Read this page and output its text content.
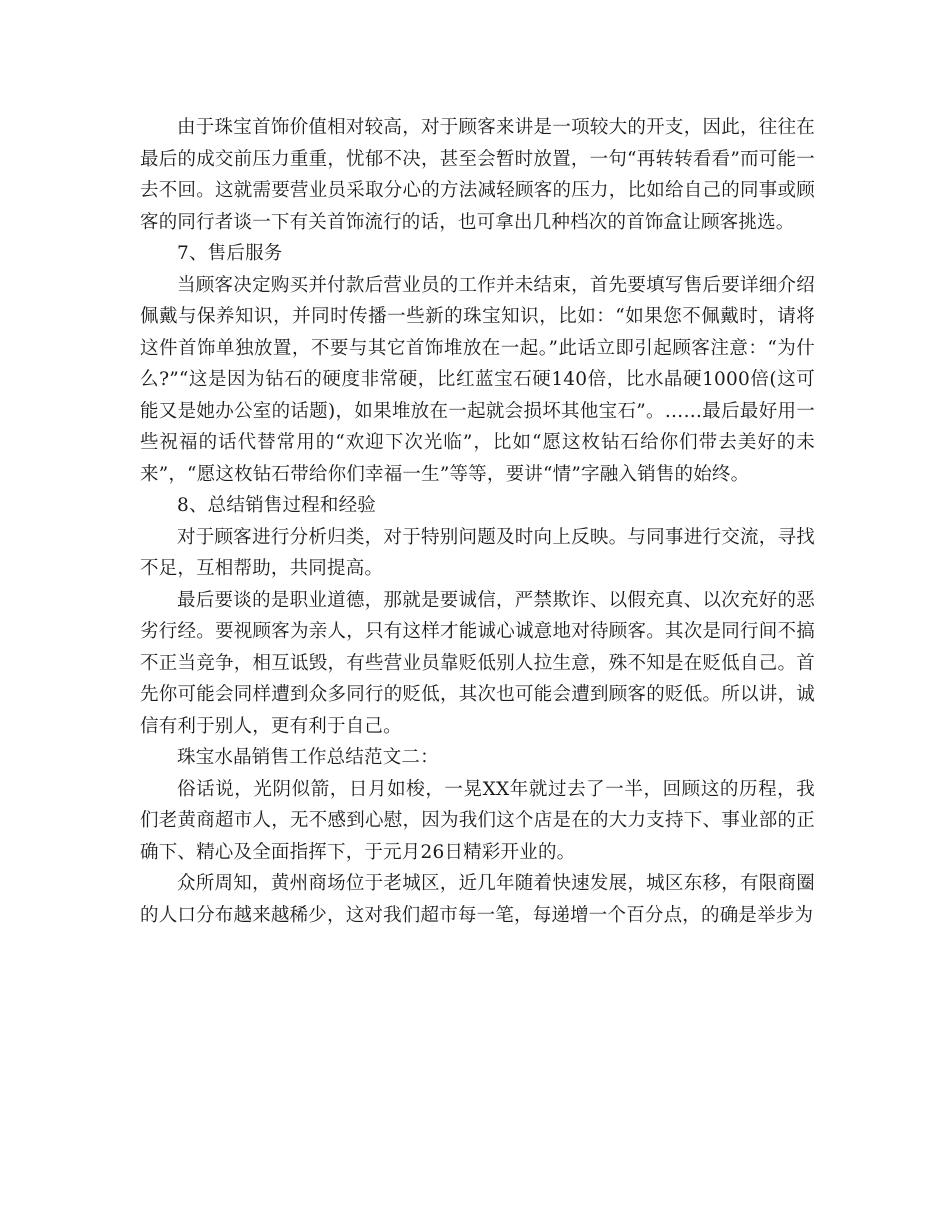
由于珠宝首饰价值相对较高，对于顾客来讲是一项较大的开支，因此，往往在最后的成交前压力重重，忧郁不决，甚至会暂时放置，一句“再转转看看”而可能一去不回。这就需要营业员采取分心的方法减轻顾客的压力，比如给自己的同事或顾客的同行者谈一下有关首饰流行的话，也可拿出几种档次的首饰盒让顾客挑选。

7、售后服务

当顾客决定购买并付款后营业员的工作并未结束，首先要填写售后要详细介绍佩戴与保养知识，并同时传播一些新的珠宝知识，比如：“如果您不佩戴时，请将这件首饰单独放置，不要与其它首饰堆放在一起。”此话立即引起顾客注意：“为什么?”“这是因为钻石的硬度非常硬，比红蓝宝石硬140倍，比水晶硬1000倍(这可能又是她办公室的话题)，如果堆放在一起就会损坏其他宝石”。……最后最好用一些祝福的话代替常用的“欢迎下次光临”，比如“愿这枚钻石给你们带去美好的未来”，“愿这枚钻石带给你们幸福一生”等等，要讲“情”字融入销售的始终。

8、总结销售过程和经验

对于顾客进行分析归类，对于特别问题及时向上反映。与同事进行交流，寻找不足，互相帮助，共同提高。

最后要谈的是职业道德，那就是要诚信，严禁欺诈、以假充真、以次充好的恶劣行经。要视顾客为亲人，只有这样才能诚心诚意地对待顾客。其次是同行间不搞不正当竞争，相互诋毁，有些营业员靠贬低别人拉生意，殊不知是在贬低自己。首先你可能会同样遭到众多同行的贬低，其次也可能会遭到顾客的贬低。所以讲，诚信有利于别人，更有利于自己。

珠宝水晶销售工作总结范文二：

俗话说，光阴似箭，日月如梭，一晃XX年就过去了一半，回顾这的历程，我们老黄商超市人，无不感到心慰，因为我们这个店是在的大力支持下、事业部的正确下、精心及全面指挥下，于元月26日精彩开业的。

众所周知，黄州商场位于老城区，近几年随着快速发展，城区东移，有限商圈的人口分布越来越稀少，这对我们超市每一笔，每递增一个百分点，的确是举步为
